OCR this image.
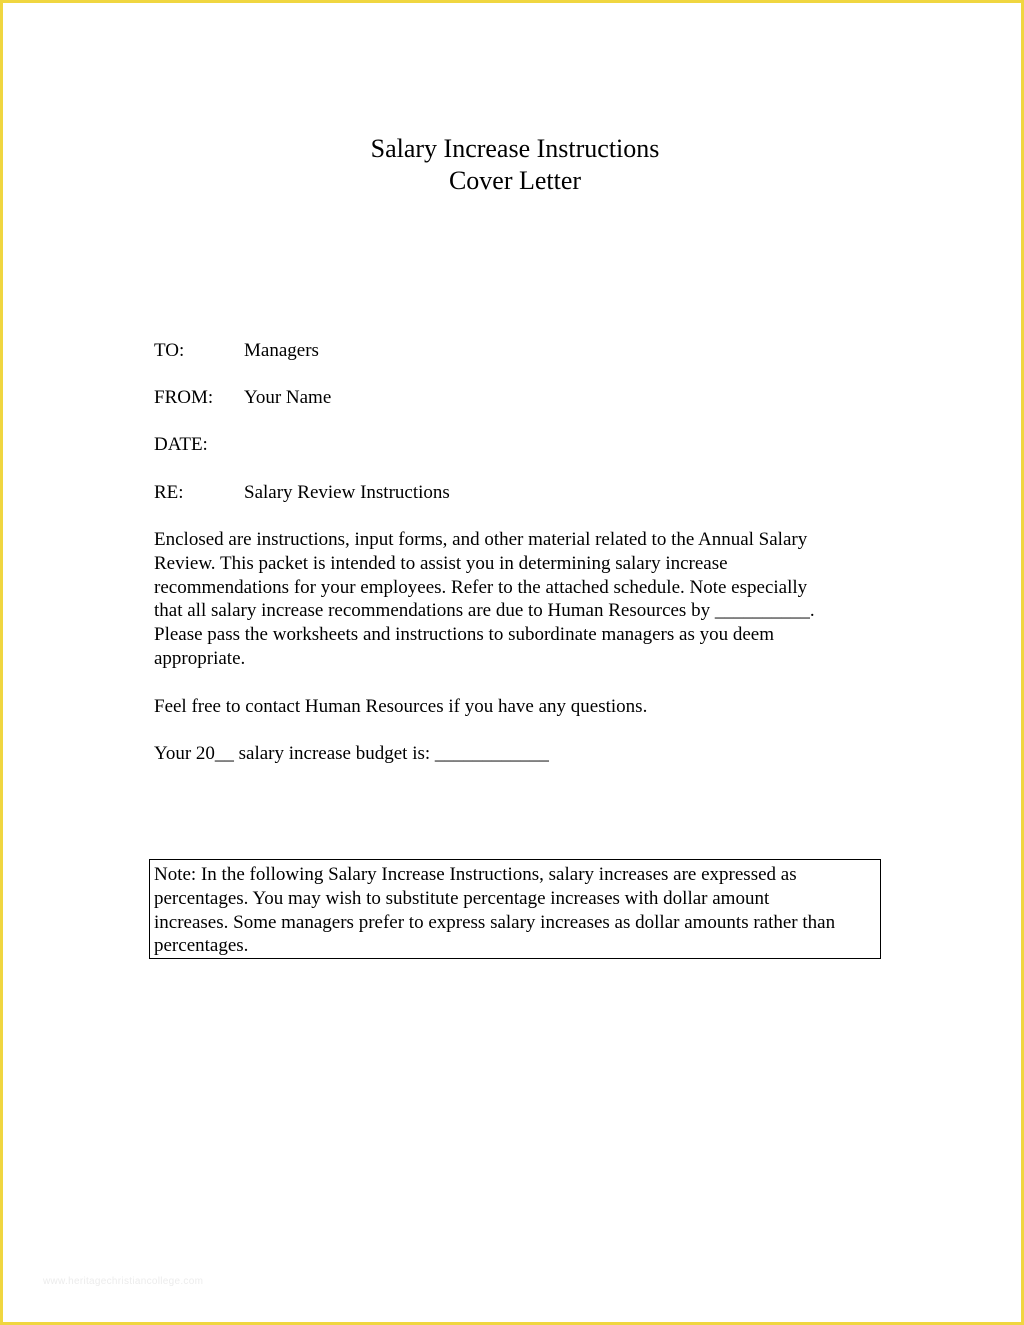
Salary Increase Instructions
Cover Letter
TO:	Managers
FROM: Your Name
DATE:
RE:	Salary Review Instructions

Enclosed are instructions, input forms, and other material related to the Annual Salary
Review. This packet is intended to assist you in determining salary increase
recommendations for your employees. Refer to the attached schedule. Note especially
that all salary increase recommendations are due to Human Resources by __________.
Please pass the worksheets and instructions to subordinate managers as you deem
appropriate.

Feel free to contact Human Resources if you have any questions.

Your 20__ salary increase budget is: ____________

Note: In the following Salary Increase Instructions, salary increases are expressed as
percentages. You may wish to substitute percentage increases with dollar amount
increases. Some managers prefer to express salary increases as dollar amounts rather than
percentages.
www.heritagechristiancollege.com
